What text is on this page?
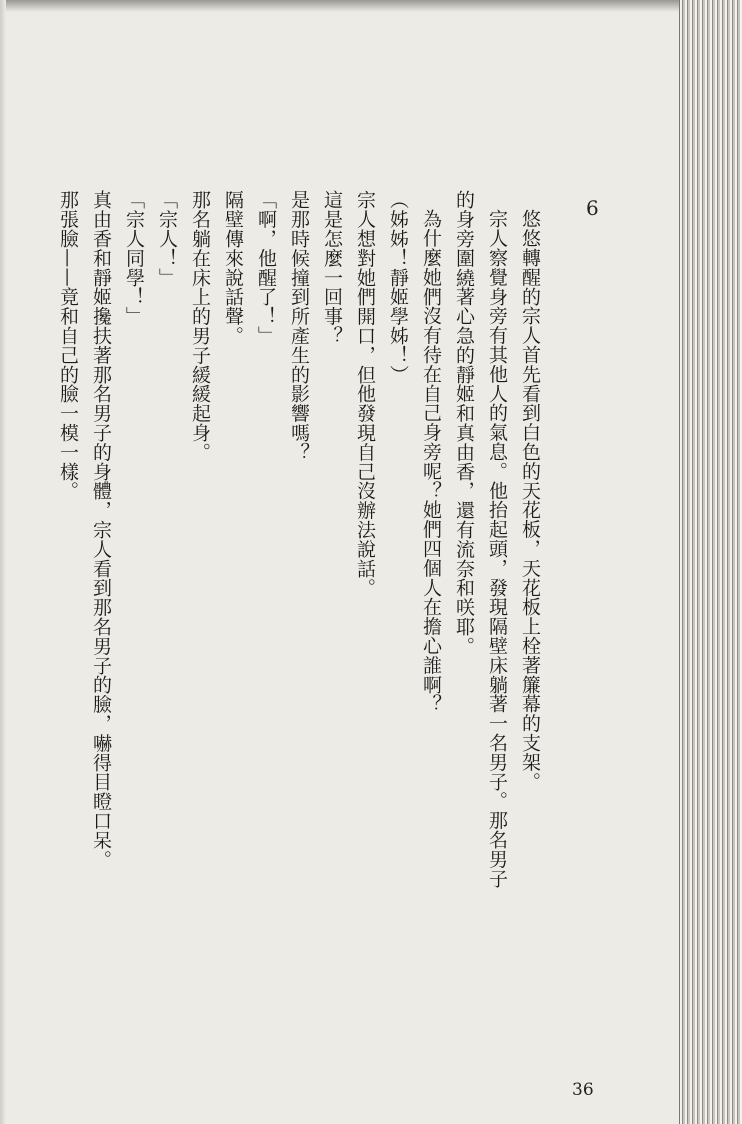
6

悠悠轉醒的宗人首先看到白色的天花板，天花板上栓著簾幕的支架。

宗人察覺身旁有其他人的氣息。他抬起頭，發現隔壁床躺著一名男子。那名男子的身旁圍繞著心急的靜姬和真由香，還有流奈和咲耶。

為什麼她們沒有待在自己身旁呢？她們四個人在擔心誰啊？

（姊姊！靜姬學姊！）

宗人想對她們開口，但他發現自己沒辦法說話。

這是怎麼一回事？

是那時候撞到所產生的影響嗎？

「啊，他醒了！」

隔壁傳來說話聲。

那名躺在床上的男子緩緩起身。

「宗人！」

「宗人同學！」

真由香和靜姬攙扶著那名男子的身體，宗人看到那名男子的臉，嚇得目瞪口呆。

那張臉——竟和自己的臉一模一樣。

36
